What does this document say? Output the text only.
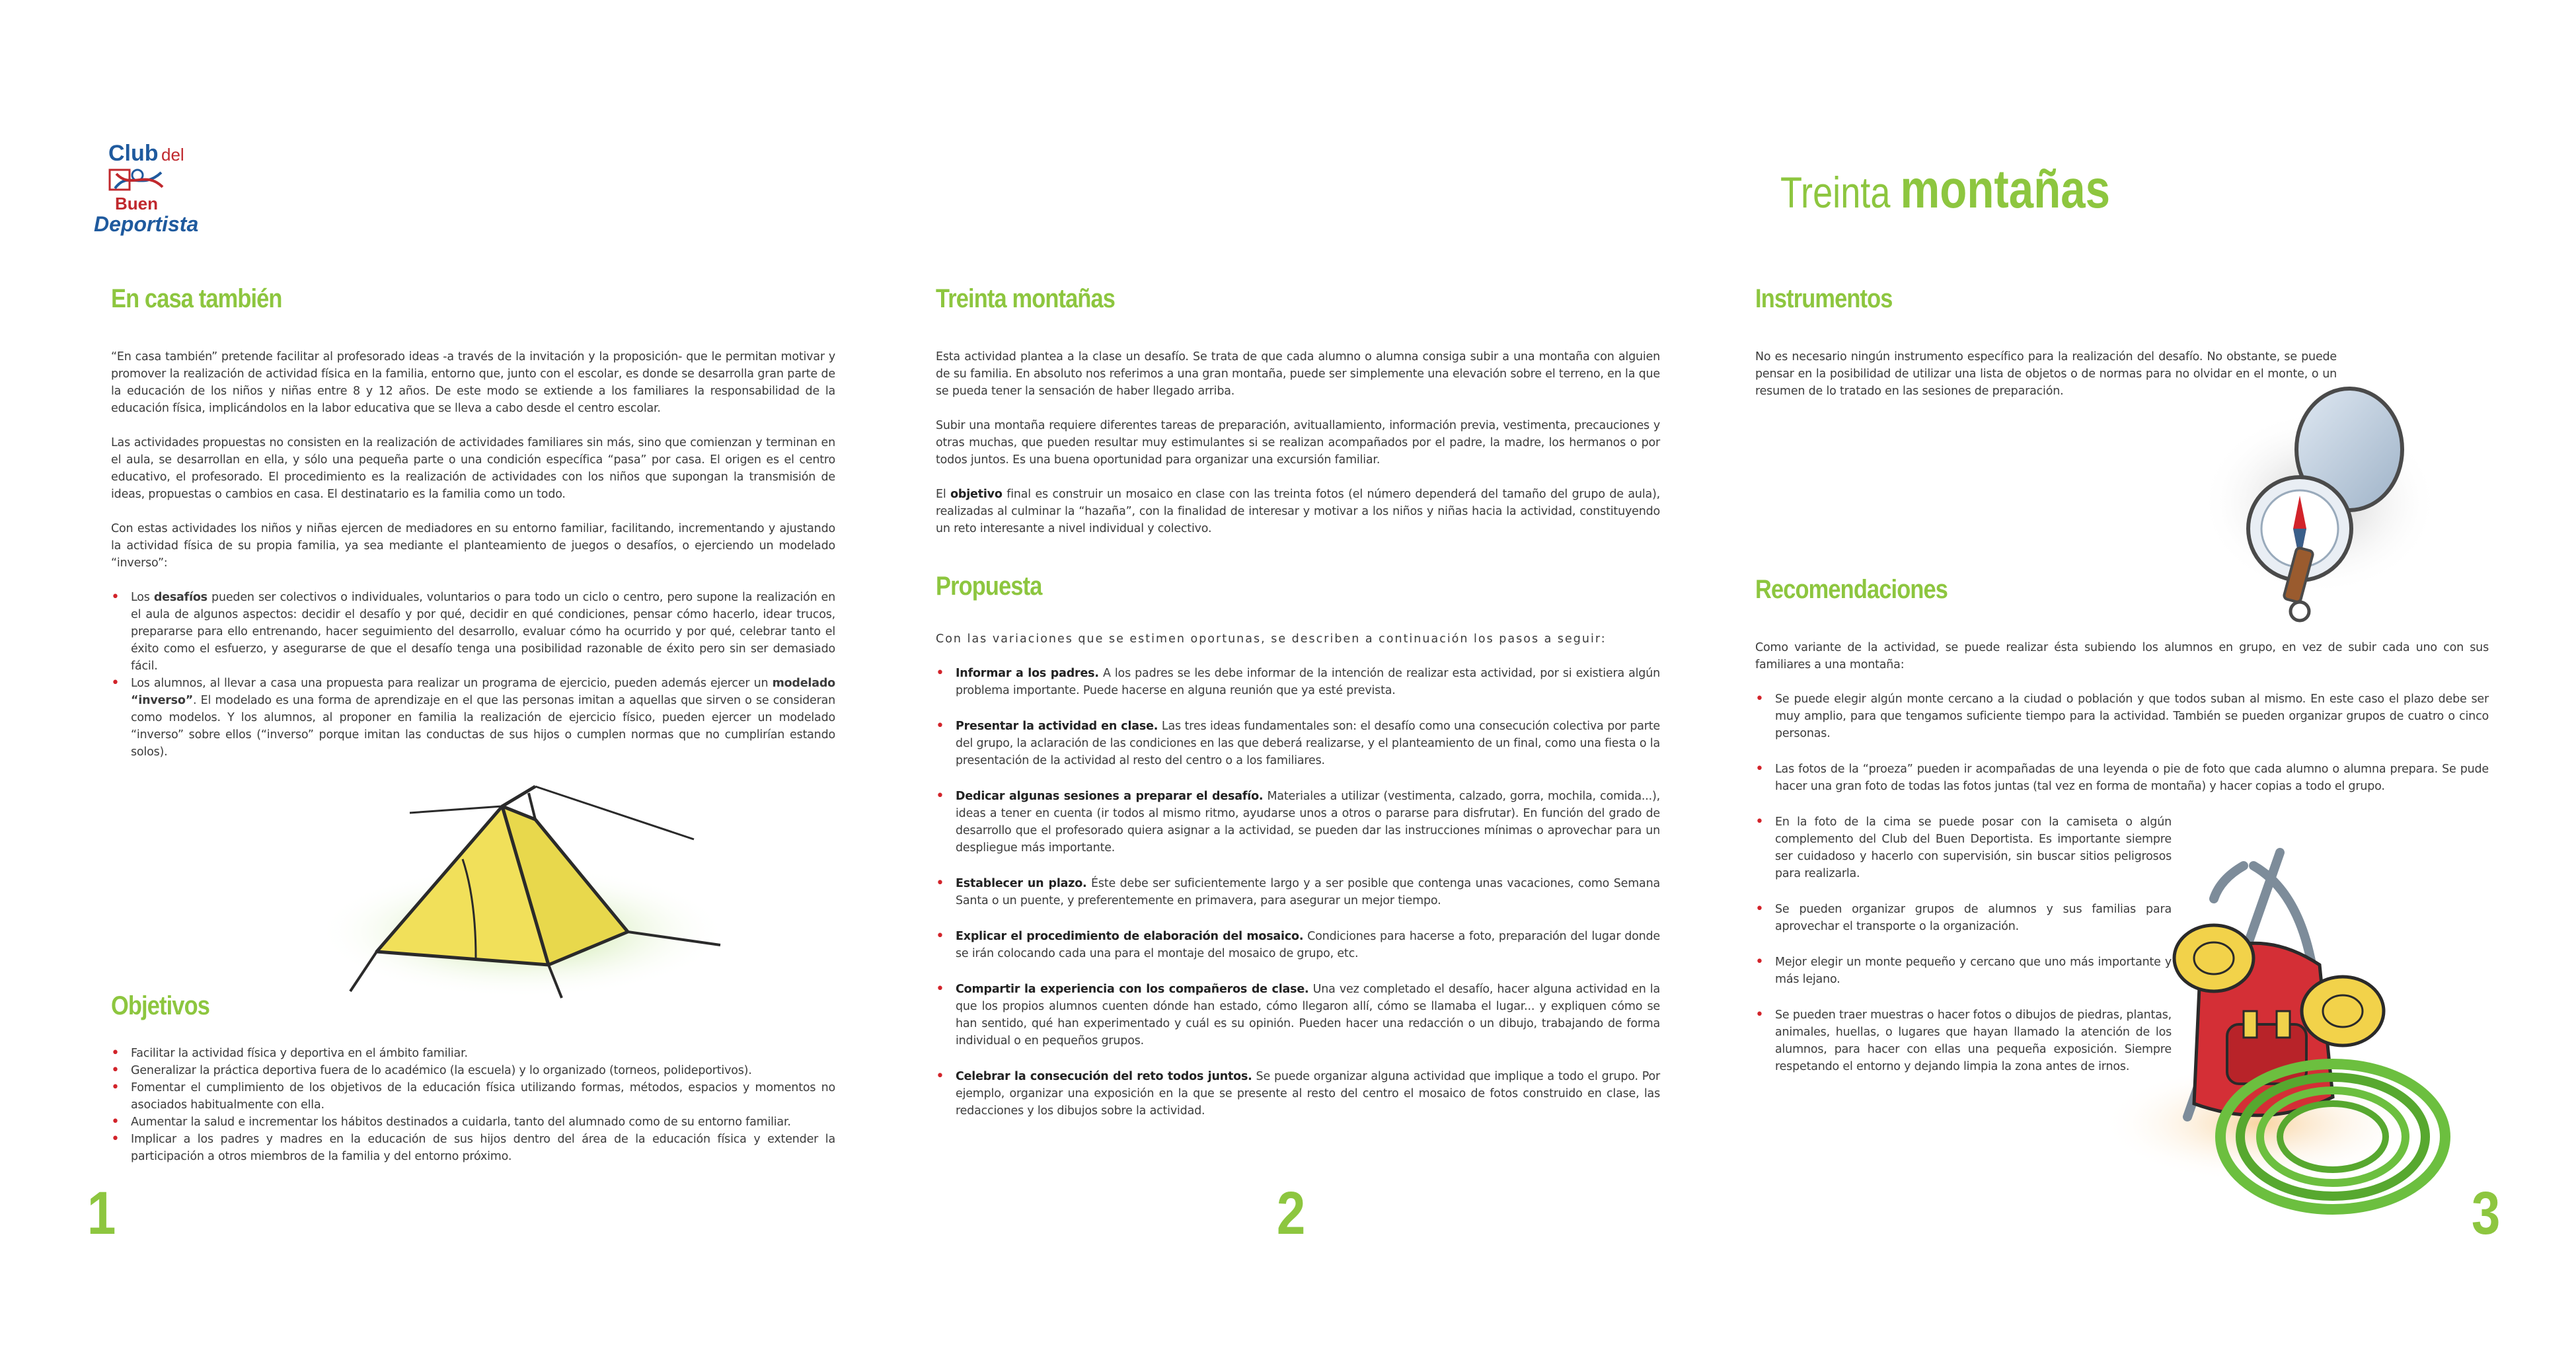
Club del
Buen
Deportista
Treinta montañas
En casa también

“En casa también” pretende facilitar al profesorado ideas -a través de la invitación y la proposición- que le permitan motivar y promover la realización de actividad física en la familia, entorno que, junto con el escolar, es donde se desarrolla gran parte de la educación de los niños y niñas entre 8 y 12 años. De este modo se extiende a los familiares la responsabilidad de la educación física, implicándolos en la labor educativa que se lleva a cabo desde el centro escolar.

Las actividades propuestas no consisten en la realización de actividades familiares sin más, sino que comienzan y terminan en el aula, se desarrollan en ella, y sólo una pequeña parte o una condición específica “pasa” por casa. El origen es el centro educativo, el profesorado. El procedimiento es la realización de actividades con los niños que supongan la transmisión de ideas, propuestas o cambios en casa. El destinatario es la familia como un todo.

Con estas actividades los niños y niñas ejercen de mediadores en su entorno familiar, facilitando, incrementando y ajustando la actividad física de su propia familia, ya sea mediante el planteamiento de juegos o desafíos, o ejerciendo un modelado “inverso”:

• Los desafíos pueden ser colectivos o individuales, voluntarios o para todo un ciclo o centro, pero supone la realización en el aula de algunos aspectos: decidir el desafío y por qué, decidir en qué condiciones, pensar cómo hacerlo, idear trucos, prepararse para ello entrenando, hacer seguimiento del desarrollo, evaluar cómo ha ocurrido y por qué, celebrar tanto el éxito como el esfuerzo, y asegurarse de que el desafío tenga una posibilidad razonable de éxito pero sin ser demasiado fácil.
• Los alumnos, al llevar a casa una propuesta para realizar un programa de ejercicio, pueden además ejercer un modelado “inverso”. El modelado es una forma de aprendizaje en el que las personas imitan a aquellas que sirven o se consideran como modelos. Y los alumnos, al proponer en familia la realización de ejercicio físico, pueden ejercer un modelado “inverso” sobre ellos (“inverso” porque imitan las conductas de sus hijos o cumplen normas que no cumplirían estando solos).
Objetivos
• Facilitar la actividad física y deportiva en el ámbito familiar.
• Generalizar la práctica deportiva fuera de lo académico (la escuela) y lo organizado (torneos, polideportivos).
• Fomentar el cumplimiento de los objetivos de la educación física utilizando formas, métodos, espacios y momentos no asociados habitualmente con ella.
• Aumentar la salud e incrementar los hábitos destinados a cuidarla, tanto del alumnado como de su entorno familiar.
• Implicar a los padres y madres en la educación de sus hijos dentro del área de la educación física y extender la participación a otros miembros de la familia y del entorno próximo.
1
Treinta montañas

Esta actividad plantea a la clase un desafío. Se trata de que cada alumno o alumna consiga subir a una montaña con alguien de su familia. En absoluto nos referimos a una gran montaña, puede ser simplemente una elevación sobre el terreno, en la que se pueda tener la sensación de haber llegado arriba.

Subir una montaña requiere diferentes tareas de preparación, avituallamiento, información previa, vestimenta, precauciones y otras muchas, que pueden resultar muy estimulantes si se realizan acompañados por el padre, la madre, los hermanos o por todos juntos. Es una buena oportunidad para organizar una excursión familiar.

El objetivo final es construir un mosaico en clase con las treinta fotos (el número dependerá del tamaño del grupo de aula), realizadas al culminar la “hazaña”, con la finalidad de interesar y motivar a los niños y niñas hacia la actividad, constituyendo un reto interesante a nivel individual y colectivo.

Propuesta

Con las variaciones que se estimen oportunas, se describen a continuación los pasos a seguir:

• Informar a los padres. A los padres se les debe informar de la intención de realizar esta actividad, por si existiera algún problema importante. Puede hacerse en alguna reunión que ya esté prevista.
• Presentar la actividad en clase. Las tres ideas fundamentales son: el desafío como una consecución colectiva por parte del grupo, la aclaración de las condiciones en las que deberá realizarse, y el planteamiento de un final, como una fiesta o la presentación de la actividad al resto del centro o a los familiares.
• Dedicar algunas sesiones a preparar el desafío. Materiales a utilizar (vestimenta, calzado, gorra, mochila, comida...), ideas a tener en cuenta (ir todos al mismo ritmo, ayudarse unos a otros o pararse para disfrutar). En función del grado de desarrollo que el profesorado quiera asignar a la actividad, se pueden dar las instrucciones mínimas o aprovechar para un despliegue más importante.
• Establecer un plazo. Éste debe ser suficientemente largo y a ser posible que contenga unas vacaciones, como Semana Santa o un puente, y preferentemente en primavera, para asegurar un mejor tiempo.
• Explicar el procedimiento de elaboración del mosaico. Condiciones para hacerse a foto, preparación del lugar donde se irán colocando cada una para el montaje del mosaico de grupo, etc.
• Compartir la experiencia con los compañeros de clase. Una vez completado el desafío, hacer alguna actividad en la que los propios alumnos cuenten dónde han estado, cómo llegaron allí, cómo se llamaba el lugar... y expliquen cómo se han sentido, qué han experimentado y cuál es su opinión. Pueden hacer una redacción o un dibujo, trabajando de forma individual o en pequeños grupos.
• Celebrar la consecución del reto todos juntos. Se puede organizar alguna actividad que implique a todo el grupo. Por ejemplo, organizar una exposición en la que se presente al resto del centro el mosaico de fotos construido en clase, las redacciones y los dibujos sobre la actividad.
2
Instrumentos

No es necesario ningún instrumento específico para la realización del desafío. No obstante, se puede pensar en la posibilidad de utilizar una lista de objetos o de normas para no olvidar en el monte, o un resumen de lo tratado en las sesiones de preparación.

Recomendaciones

Como variante de la actividad, se puede realizar ésta subiendo los alumnos en grupo, en vez de subir cada uno con sus familiares a una montaña:

• Se puede elegir algún monte cercano a la ciudad o población y que todos suban al mismo. En este caso el plazo debe ser muy amplio, para que tengamos suficiente tiempo para la actividad. También se pueden organizar grupos de cuatro o cinco personas.
• Las fotos de la “proeza” pueden ir acompañadas de una leyenda o pie de foto que cada alumno o alumna prepara. Se pude hacer una gran foto de todas las fotos juntas (tal vez en forma de montaña) y hacer copias a todo el grupo.
• En la foto de la cima se puede posar con la camiseta o algún complemento del Club del Buen Deportista. Es importante siempre ser cuidadoso y hacerlo con supervisión, sin buscar sitios peligrosos para realizarla.
• Se pueden organizar grupos de alumnos y sus familias para aprovechar el transporte o la organización.
• Mejor elegir un monte pequeño y cercano que uno más importante y más lejano.
• Se pueden traer muestras o hacer fotos o dibujos de piedras, plantas, animales, huellas, o lugares que hayan llamado la atención de los alumnos, para hacer con ellas una pequeña exposición. Siempre respetando el entorno y dejando limpia la zona antes de irnos.
3
